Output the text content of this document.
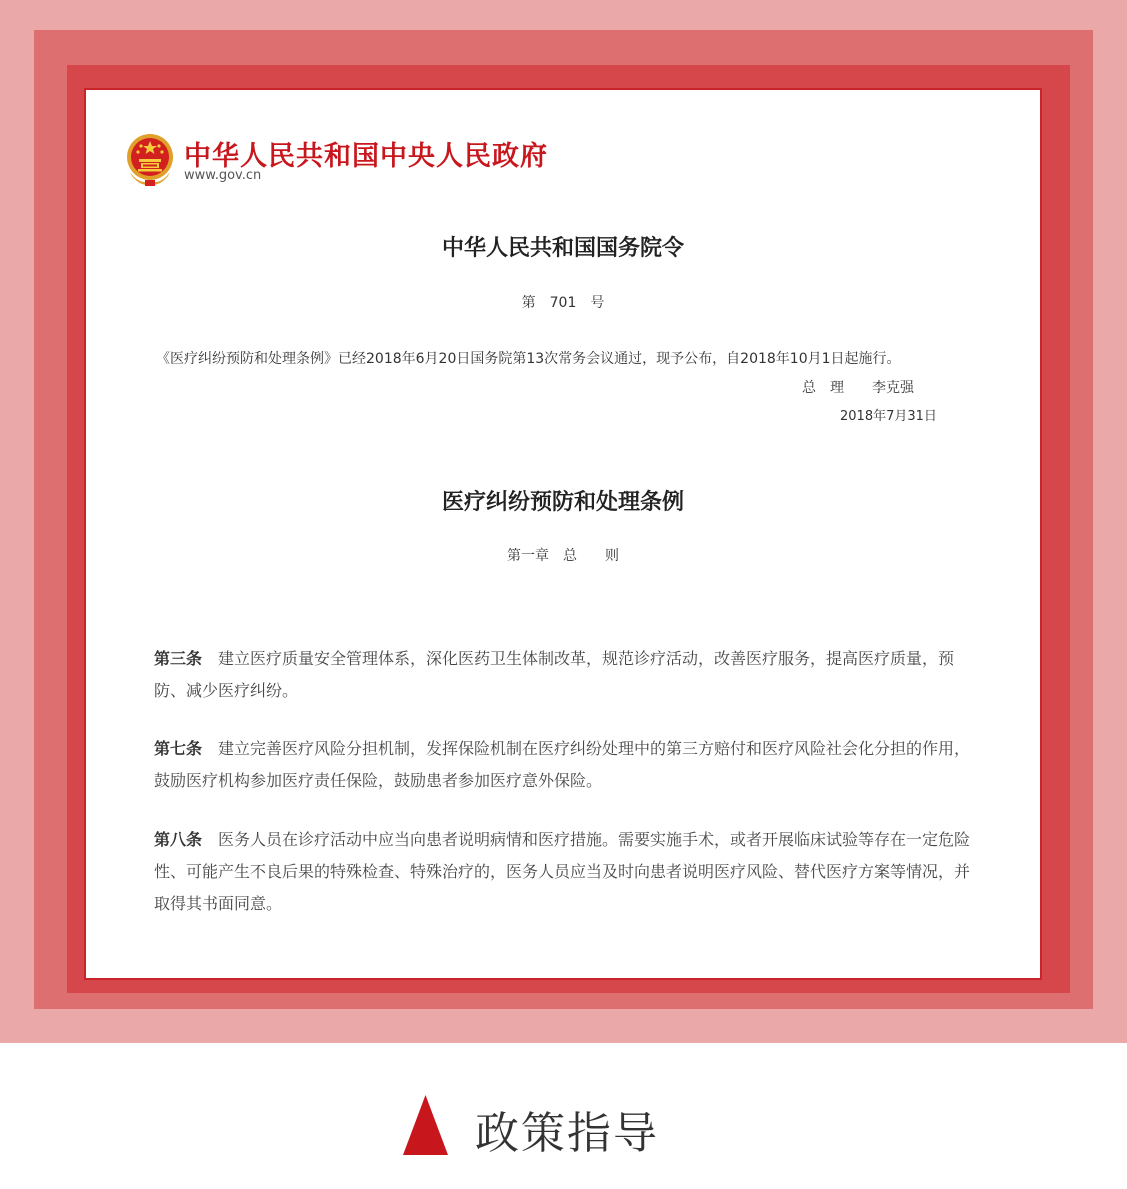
中华人民共和国中央人民政府
www.gov.cn
中华人民共和国国务院令
第　701　号
《医疗纠纷预防和处理条例》已经2018年6月20日国务院第13次常务会议通过，现予公布，自2018年10月1日起施行。
总　理　　李克强
2018年7月31日
医疗纠纷预防和处理条例
第一章　总　　则
第三条 建立医疗质量安全管理体系，深化医药卫生体制改革，规范诊疗活动，改善医疗服务，提高医疗质量，预防、减少医疗纠纷。
第七条 建立完善医疗风险分担机制，发挥保险机制在医疗纠纷处理中的第三方赔付和医疗风险社会化分担的作用，鼓励医疗机构参加医疗责任保险，鼓励患者参加医疗意外保险。
第八条 医务人员在诊疗活动中应当向患者说明病情和医疗措施。需要实施手术，或者开展临床试验等存在一定危险性、可能产生不良后果的特殊检查、特殊治疗的，医务人员应当及时向患者说明医疗风险、替代医疗方案等情况，并取得其书面同意。
政策指导
